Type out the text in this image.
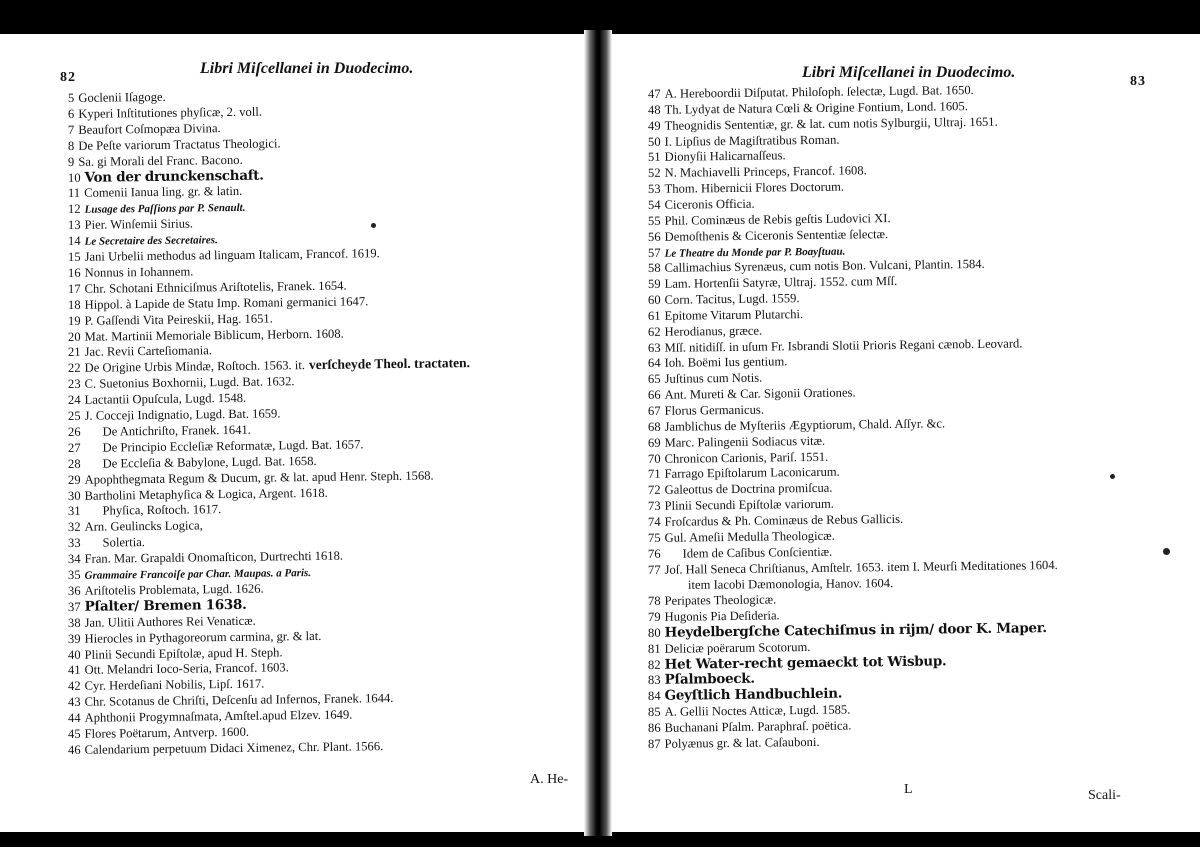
82
Libri Miſcellanei in Duodecimo.
5 Goclenii Iſagoge.
6 Kyperi Inſtitutiones phyſicæ, 2. voll.
7 Beaufort Coſmopæa Divina.
8 De Peſte variorum Tractatus Theologici.
9 Sa. gi Morali del Franc. Bacono.
10 Von der drunckenschaft.
11 Comenii Ianua ling. gr. & latin.
12 Lusage des Paſſions par P. Senault.
13 Pier. Winſemii Sirius.
14 Le Secretaire des Secretaires.
15 Jani Urbelii methodus ad linguam Italicam, Francof. 1619.
16 Nonnus in Iohannem.
17 Chr. Schotani Ethniciſmus Ariſtotelis, Franek. 1654.
18 Hippol. à Lapide de Statu Imp. Romani germanici 1647.
19 P. Gaſſendi Vita Peireskii, Hag. 1651.
20 Mat. Martinii Memoriale Biblicum, Herborn. 1608.
21 Jac. Revii Carteſiomania.
22 De Origine Urbis Mindæ, Roſtoch. 1563. it. verſcheyde Theol. tractaten.
23 C. Suetonius Boxhornii, Lugd. Bat. 1632.
24 Lactantii Opuſcula, Lugd. 1548.
25 J. Cocceji Indignatio, Lugd. Bat. 1659.
26 De Antichriſto, Franek. 1641.
27 De Principio Eccleſiæ Reformatæ, Lugd. Bat. 1657.
28 De Eccleſia & Babylone, Lugd. Bat. 1658.
29 Apophthegmata Regum & Ducum, gr. & lat. apud Henr. Steph. 1568.
30 Bartholini Metaphyſica & Logica, Argent. 1618.
31 Phyſica, Roſtoch. 1617.
32 Arn. Geulincks Logica,
33 Solertia.
34 Fran. Mar. Grapaldi Onomaſticon, Durtrechti 1618.
35 Grammaire Francoiſe par Char. Maupas. a Paris.
36 Ariſtotelis Problemata, Lugd. 1626.
37 Pſalter/ Bremen 1638.
38 Jan. Ulitii Authores Rei Venaticæ.
39 Hierocles in Pythagoreorum carmina, gr. & lat.
40 Plinii Secundi Epiſtolæ, apud H. Steph.
41 Ott. Melandri Ioco-Seria, Francof. 1603.
42 Cyr. Herdeſiani Nobilis, Lipſ. 1617.
43 Chr. Scotanus de Chriſti, Deſcenſu ad Infernos, Franek. 1644.
44 Aphthonii Progymnaſmata, Amſtel.apud Elzev. 1649.
45 Flores Poëtarum, Antverp. 1600.
46 Calendarium perpetuum Didaci Ximenez, Chr. Plant. 1566.
A. He-
Libri Miſcellanei in Duodecimo.
83
47 A. Hereboordii Diſputat. Philoſoph. ſelectæ, Lugd. Bat. 1650.
48 Th. Lydyat de Natura Cœli & Origine Fontium, Lond. 1605.
49 Theognidis Sententiæ, gr. & lat. cum notis Sylburgii, Ultraj. 1651.
50 I. Lipſius de Magiſtratibus Roman.
51 Dionyſii Halicarnaſſeus.
52 N. Machiavelli Princeps, Francof. 1608.
53 Thom. Hibernicii Flores Doctorum.
54 Ciceronis Officia.
55 Phil. Cominæus de Rebis geſtis Ludovici XI.
56 Demoſthenis & Ciceronis Sententiæ ſelectæ.
57 Le Theatre du Monde par P. Boayſtuau.
58 Callimachius Syrenæus, cum notis Bon. Vulcani, Plantin. 1584.
59 Lam. Hortenſii Satyræ, Ultraj. 1552. cum Mſſ.
60 Corn. Tacitus, Lugd. 1559.
61 Epitome Vitarum Plutarchi.
62 Herodianus, græce.
63 Mſſ. nitidiſſ. in uſum Fr. Isbrandi Slotii Prioris Regani cænob. Leovard.
64 Ioh. Boëmi Ius gentium.
65 Juſtinus cum Notis.
66 Ant. Mureti & Car. Sigonii Orationes.
67 Florus Germanicus.
68 Jamblichus de Myſteriis Ægyptiorum, Chald. Aſſyr. &c.
69 Marc. Palingenii Sodiacus vitæ.
70 Chronicon Carionis, Pariſ. 1551.
71 Farrago Epiſtolarum Laconicarum.
72 Galeottus de Doctrina promiſcua.
73 Plinii Secundi Epiſtolæ variorum.
74 Froſcardus & Ph. Cominæus de Rebus Gallicis.
75 Gul. Ameſii Medulla Theologicæ.
76 Idem de Caſibus Conſcientiæ.
77 Joſ. Hall Seneca Chriſtianus, Amſtelr. 1653. item I. Meurſi Meditationes 1604.
item Iacobi Dæmonologia, Hanov. 1604.
78 Peripates Theologicæ.
79 Hugonis Pia Deſideria.
80 Heydelbergſche Catechiſmus in rijm/ door K. Maper.
81 Deliciæ poërarum Scotorum.
82 Het Water-recht gemaeckt tot Wisbup.
83 Pſalmboeck.
84 Geyſtlich Handbuchlein.
85 A. Gellii Noctes Atticæ, Lugd. 1585.
86 Buchanani Pſalm. Paraphraſ. poëtica.
87 Polyænus gr. & lat. Caſauboni.
L	Scali-
